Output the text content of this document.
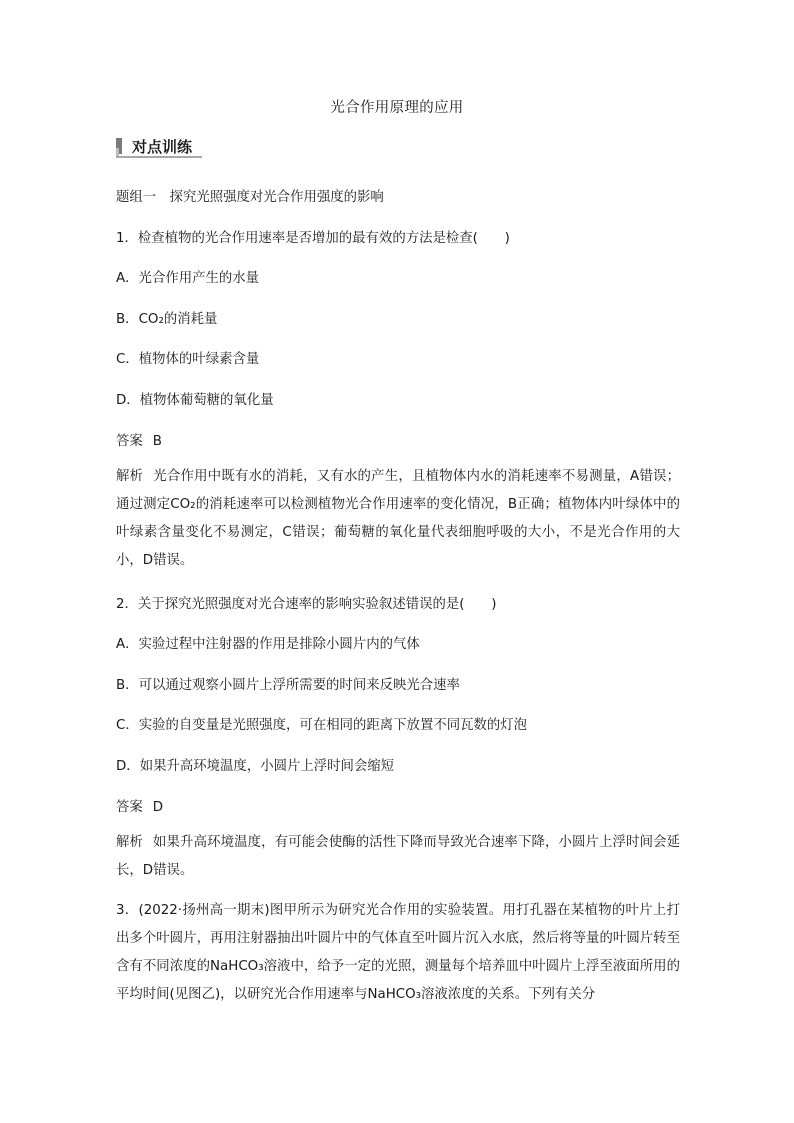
光合作用原理的应用
对点训练
题组一　探究光照强度对光合作用强度的影响
1．检查植物的光合作用速率是否增加的最有效的方法是检查(　　)
A．光合作用产生的水量
B．CO₂的消耗量
C．植物体的叶绿素含量
D．植物体葡萄糖的氧化量
答案 B
解析 光合作用中既有水的消耗，又有水的产生，且植物体内水的消耗速率不易测量，A错误；通过测定CO₂的消耗速率可以检测植物光合作用速率的变化情况，B正确；植物体内叶绿体中的叶绿素含量变化不易测定，C错误；葡萄糖的氧化量代表细胞呼吸的大小，不是光合作用的大小，D错误。
2．关于探究光照强度对光合速率的影响实验叙述错误的是(　　)
A．实验过程中注射器的作用是排除小圆片内的气体
B．可以通过观察小圆片上浮所需要的时间来反映光合速率
C．实验的自变量是光照强度，可在相同的距离下放置不同瓦数的灯泡
D．如果升高环境温度，小圆片上浮时间会缩短
答案 D
解析 如果升高环境温度，有可能会使酶的活性下降而导致光合速率下降，小圆片上浮时间会延长，D错误。
3．(2022·扬州高一期末)图甲所示为研究光合作用的实验装置。用打孔器在某植物的叶片上打出多个叶圆片，再用注射器抽出叶圆片中的气体直至叶圆片沉入水底，然后将等量的叶圆片转至含有不同浓度的NaHCO₃溶液中，给予一定的光照，测量每个培养皿中叶圆片上浮至液面所用的平均时间(见图乙)，以研究光合作用速率与NaHCO₃溶液浓度的关系。下列有关分
